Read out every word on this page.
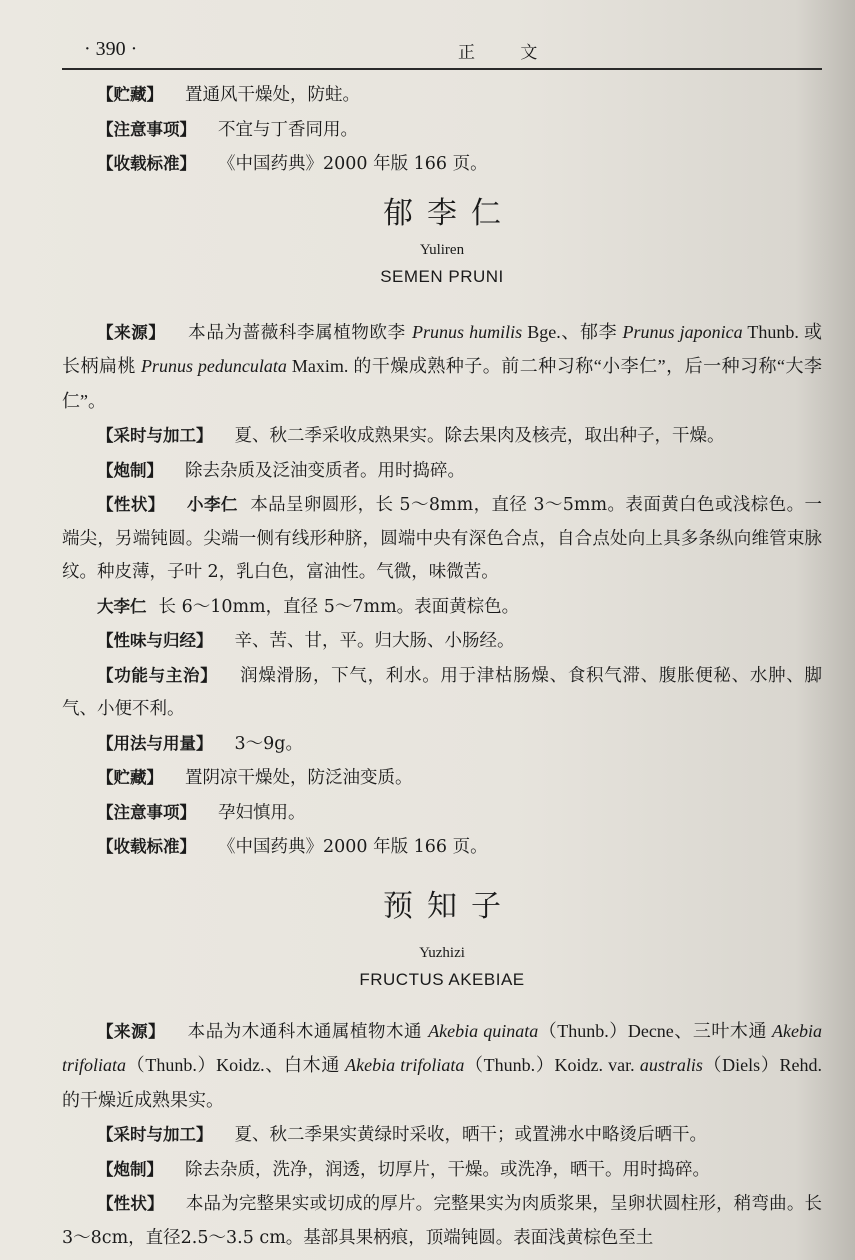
· 390 ·	正 文

【贮藏】 置通风干燥处，防蛀。

【注意事项】 不宜与丁香同用。

【收载标准】 《中国药典》2000 年版 166 页。

郁李仁

Yuliren

SEMEN PRUNI

【来源】 本品为蔷薇科李属植物欧李 Prunus humilis Bge.、郁李 Prunus japonica Thunb. 或长柄扁桃 Prunus pedunculata Maxim. 的干燥成熟种子。前二种习称“小李仁”，后一种习称“大李仁”。

【采时与加工】 夏、秋二季采收成熟果实。除去果肉及核壳，取出种子，干燥。

【炮制】 除去杂质及泛油变质者。用时捣碎。

【性状】 小李仁 本品呈卵圆形，长 5～8mm，直径 3～5mm。表面黄白色或浅棕色。一端尖，另端钝圆。尖端一侧有线形种脐，圆端中央有深色合点，自合点处向上具多条纵向维管束脉纹。种皮薄，子叶 2，乳白色，富油性。气微，味微苦。

大李仁 长 6～10mm，直径 5～7mm。表面黄棕色。

【性味与归经】 辛、苦、甘，平。归大肠、小肠经。

【功能与主治】 润燥滑肠，下气，利水。用于津枯肠燥、食积气滞、腹胀便秘、水肿、脚气、小便不利。

【用法与用量】 3～9g。

【贮藏】 置阴凉干燥处，防泛油变质。

【注意事项】 孕妇慎用。

【收载标准】 《中国药典》2000 年版 166 页。

预知子

Yuzhizi

FRUCTUS AKEBIAE

【来源】 本品为木通科木通属植物木通 Akebia quinata（Thunb.）Decne、三叶木通 Akebia trifoliata（Thunb.）Koidz.、白木通 Akebia trifoliata（Thunb.）Koidz. var. australis（Diels）Rehd. 的干燥近成熟果实。

【采时与加工】 夏、秋二季果实黄绿时采收，晒干；或置沸水中略烫后晒干。

【炮制】 除去杂质，洗净，润透，切厚片，干燥。或洗净，晒干。用时捣碎。

【性状】 本品为完整果实或切成的厚片。完整果实为肉质浆果，呈卵状圆柱形，稍弯曲。长 3～8cm，直径2.5～3.5 cm。基部具果柄痕，顶端钝圆。表面浅黄棕色至土
